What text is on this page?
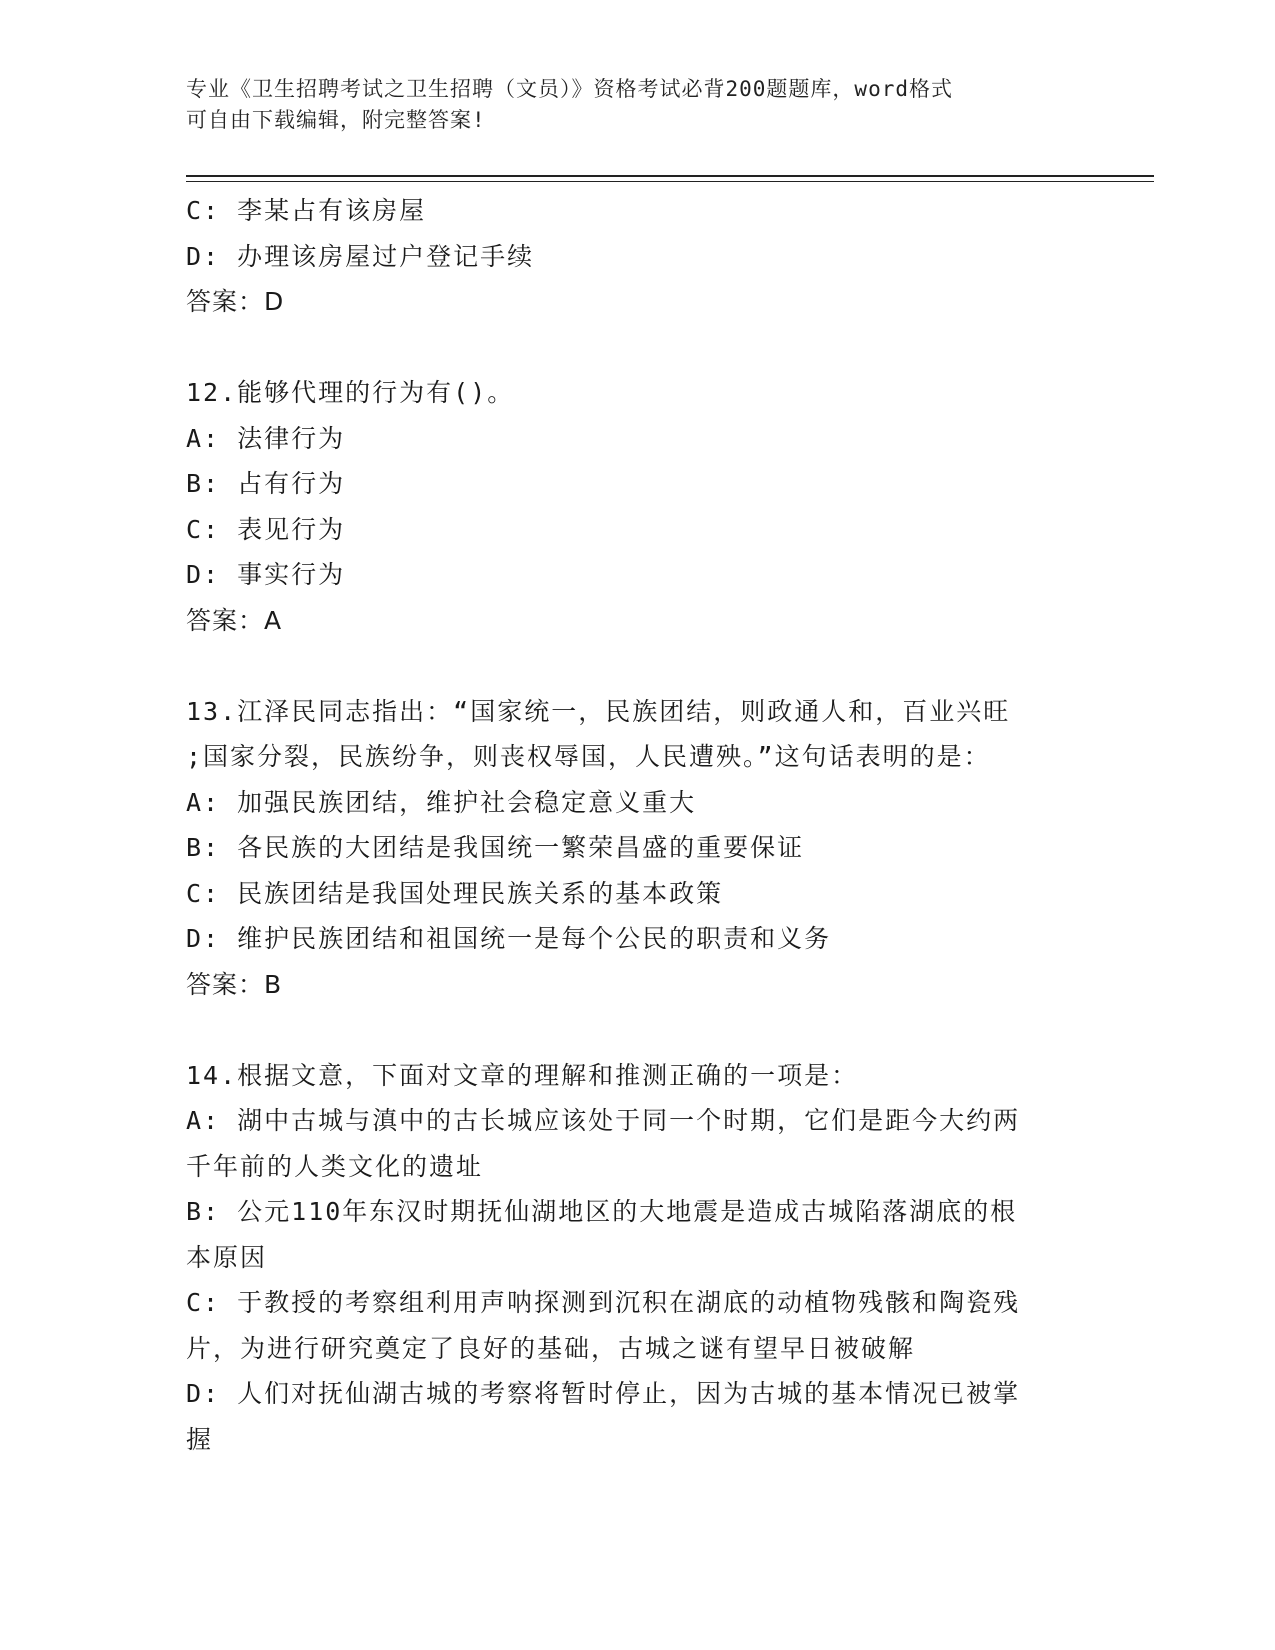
专业《卫生招聘考试之卫生招聘（文员）》资格考试必背200题题库，word格式
可自由下载编辑，附完整答案!
C: 李某占有该房屋
D: 办理该房屋过户登记手续
答案：D
12.能够代理的行为有()。
A: 法律行为
B: 占有行为
C: 表见行为
D: 事实行为
答案：A
13.江泽民同志指出：“国家统一，民族团结，则政通人和，百业兴旺
;国家分裂，民族纷争，则丧权辱国，人民遭殃。”这句话表明的是：
A: 加强民族团结，维护社会稳定意义重大
B: 各民族的大团结是我国统一繁荣昌盛的重要保证
C: 民族团结是我国处理民族关系的基本政策
D: 维护民族团结和祖国统一是每个公民的职责和义务
答案：B
14.根据文意，下面对文章的理解和推测正确的一项是：
A: 湖中古城与滇中的古长城应该处于同一个时期，它们是距今大约两
千年前的人类文化的遗址
B: 公元110年东汉时期抚仙湖地区的大地震是造成古城陷落湖底的根
本原因
C: 于教授的考察组利用声呐探测到沉积在湖底的动植物残骸和陶瓷残
片，为进行研究奠定了良好的基础，古城之谜有望早日被破解
D: 人们对抚仙湖古城的考察将暂时停止，因为古城的基本情况已被掌
握
